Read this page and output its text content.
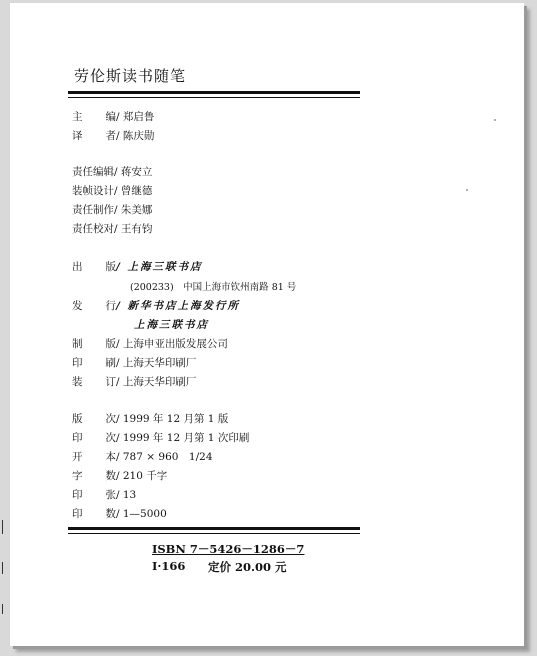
劳伦斯读书随笔
主 编 / 郑启鲁
译 者 / 陈庆勋
责任编辑/ 蒋安立
装帧设计/ 曾继德
责任制作/ 朱美娜
责任校对/ 王有钧
出 版 / 上海三联书店
(200233)　中国上海市钦州南路 81 号
发 行 / 新华书店上海发行所
上海三联书店
制 版 / 上海申亚出版发展公司
印 刷 / 上海天华印刷厂
装 订 / 上海天华印刷厂
版 次 / 1999 年 12 月第 1 版
印 次 / 1999 年 12 月第 1 次印刷
开 本 / 787 × 960　1/24
字 数 / 210 千字
印 张 / 13
印 数 / 1—5000
ISBN 7－5426－1286－7
I·166 定价 20.00 元
